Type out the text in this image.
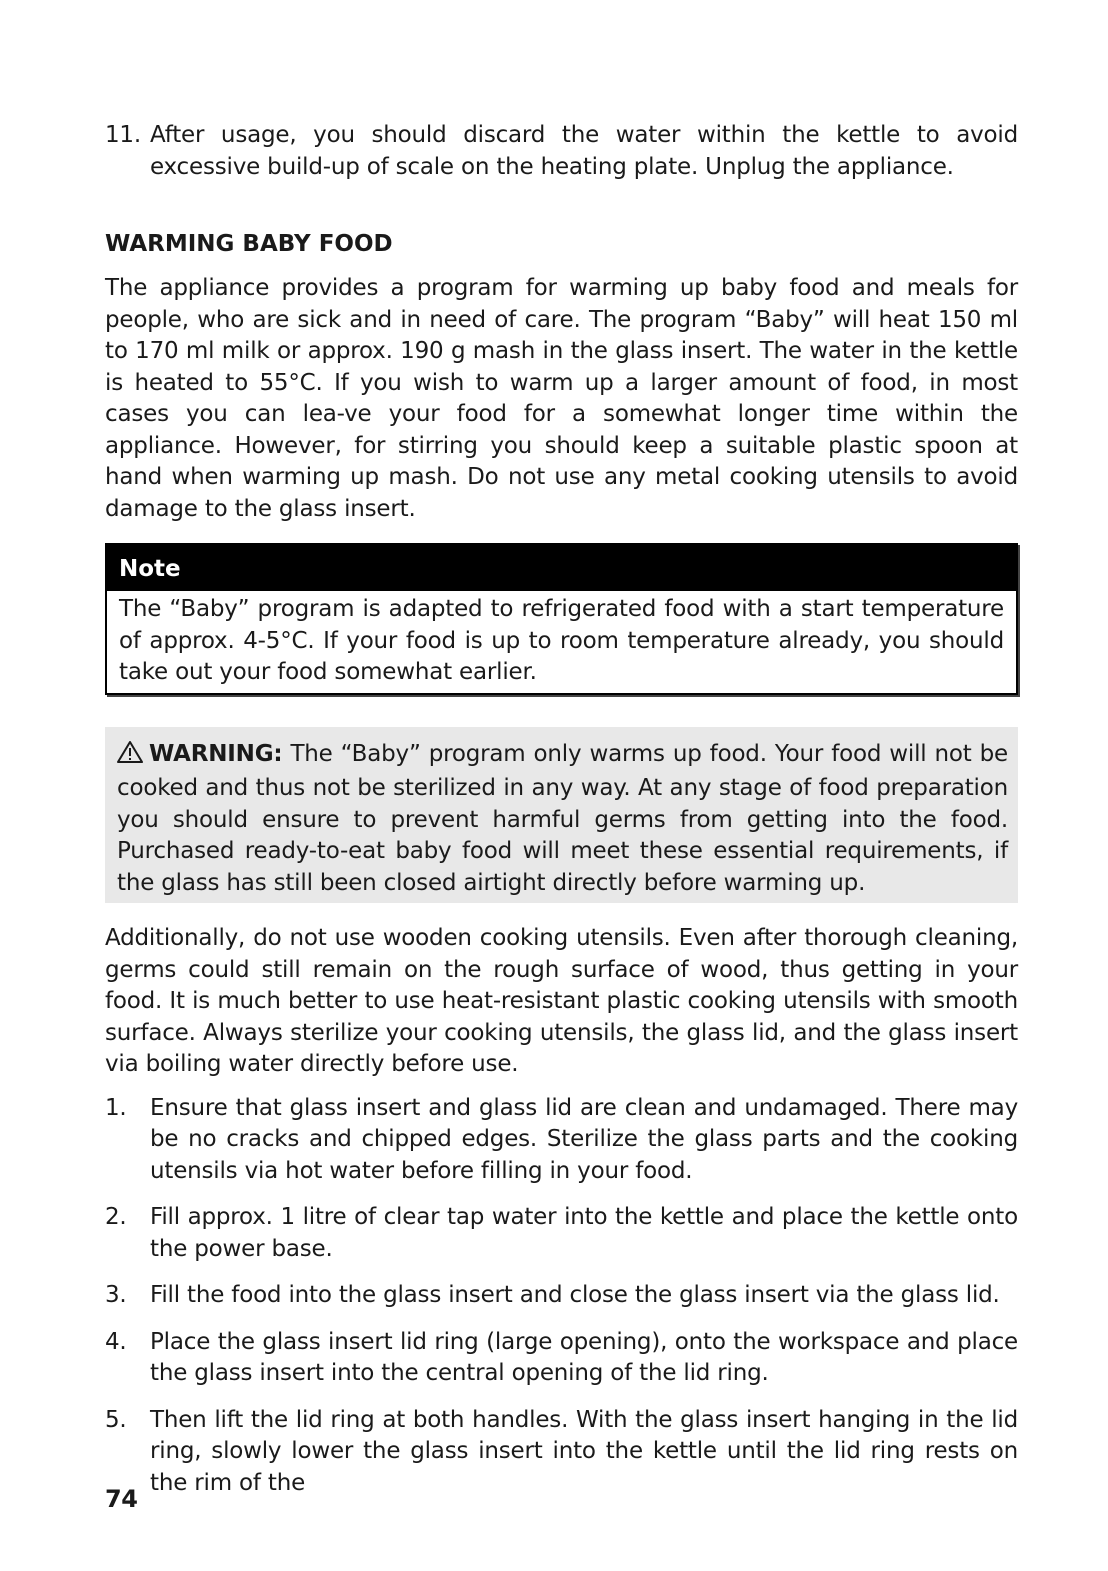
11. After usage, you should discard the water within the kettle to avoid excessive build-up of scale on the heating plate. Unplug the appliance.
WARMING BABY FOOD

The appliance provides a program for warming up baby food and meals for people, who are sick and in need of care. The program “Baby” will heat 150 ml to 170 ml milk or approx. 190 g mash in the glass insert. The water in the kettle is heated to 55°C. If you wish to warm up a larger amount of food, in most cases you can lea-ve your food for a somewhat longer time within the appliance. However, for stirring you should keep a suitable plastic spoon at hand when warming up mash. Do not use any metal cooking utensils to avoid damage to the glass insert.

Note

The “Baby” program is adapted to refrigerated food with a start temperature of approx. 4-5°C. If your food is up to room temperature already, you should take out your food somewhat earlier.

WARNING: The “Baby” program only warms up food. Your food will not be cooked and thus not be sterilized in any way. At any stage of food preparation you should ensure to prevent harmful germs from getting into the food. Purchased ready-to-eat baby food will meet these essential requirements, if the glass has still been closed airtight directly before warming up.

Additionally, do not use wooden cooking utensils. Even after thorough cleaning, germs could still remain on the rough surface of wood, thus getting in your food. It is much better to use heat-resistant plastic cooking utensils with smooth surface. Always sterilize your cooking utensils, the glass lid, and the glass insert via boiling water directly before use.

1. Ensure that glass insert and glass lid are clean and undamaged. There may be no cracks and chipped edges. Sterilize the glass parts and the cooking utensils via hot water before filling in your food.
2. Fill approx. 1 litre of clear tap water into the kettle and place the kettle onto the power base.
3. Fill the food into the glass insert and close the glass insert via the glass lid.
4. Place the glass insert lid ring (large opening), onto the workspace and place the glass insert into the central opening of the lid ring.
5. Then lift the lid ring at both handles. With the glass insert hanging in the lid ring, slowly lower the glass insert into the kettle until the lid ring rests on the rim of the
74
